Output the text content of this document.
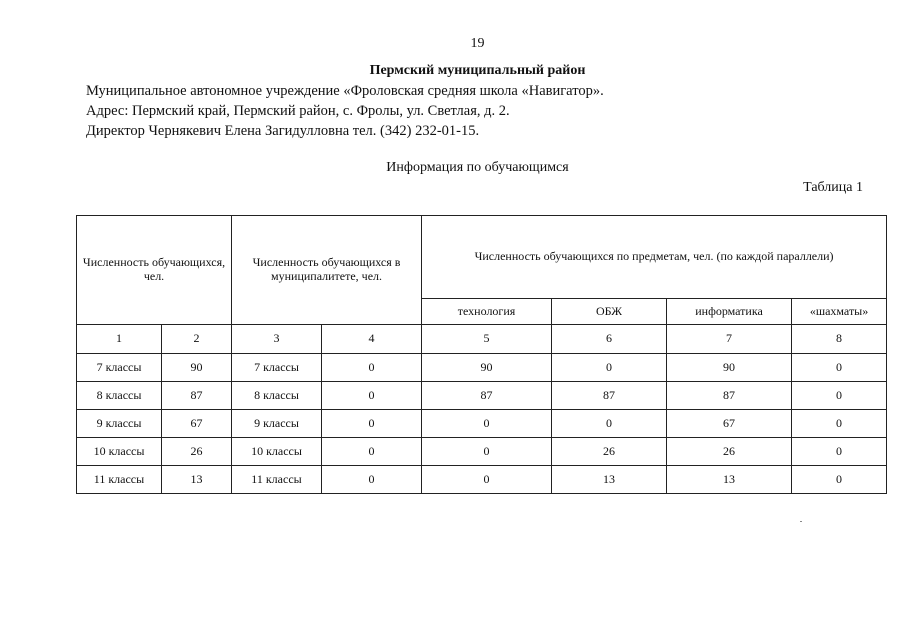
19
Пермский муниципальный район
Муниципальное автономное учреждение «Фроловская средняя школа «Навигатор».
Адрес: Пермский край, Пермский район, с. Фролы, ул. Светлая, д. 2.
Директор Чернякевич Елена Загидулловна тел. (342) 232-01-15.
Информация по обучающимся
Таблица 1
Численность обучающихся, чел.		Численность обучающихся в муниципалитете, чел.		Численность обучающихся по предметам, чел. (по каждой параллели)			
				технология	ОБЖ	информатика	«шахматы»
1	2	3	4	5	6	7	8
7 классы	90	7 классы	0	90	0	90	0
8 классы	87	8 классы	0	87	87	87	0
9 классы	67	9 классы	0	0	0	67	0
10 классы	26	10 классы	0	0	26	26	0
11 классы	13	11 классы	0	0	13	13	0
